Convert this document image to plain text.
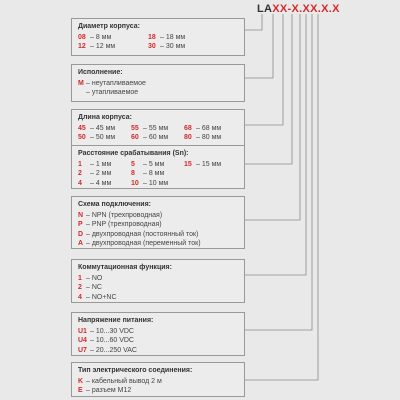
LAXX-X.XX.X.X
Диаметр корпуса:
08 – 8 мм	18 – 18 мм
12 – 12 мм	30 – 30 мм
Исполнение:
M – неутапливаемое
– утапливаемое
Длина корпуса:
45 – 45 мм	55 – 55 мм	68 – 68 мм
50 – 50 мм	60 – 60 мм	80 – 80 мм
Расстояние срабатывания (Sn):
1 – 1 мм	5 – 5 мм	15 – 15 мм
2 – 2 мм	8 – 8 мм
4 – 4 мм	10 – 10 мм
Схема подключения:
N – NPN (трехпроводная)
P – PNP (трехпроводная)
D – двухпроводная (постоянный ток)
A – двухпроводная (переменный ток)
Коммутационная функция:
1 – NO
2 – NC
4 – NO+NC
Напряжение питания:
U1 – 10...30 VDC
U4 – 10...60 VDC
U7 – 20...250 VAC
Тип электрического соединения:
K – кабельный вывод 2 м
E – разъем M12
